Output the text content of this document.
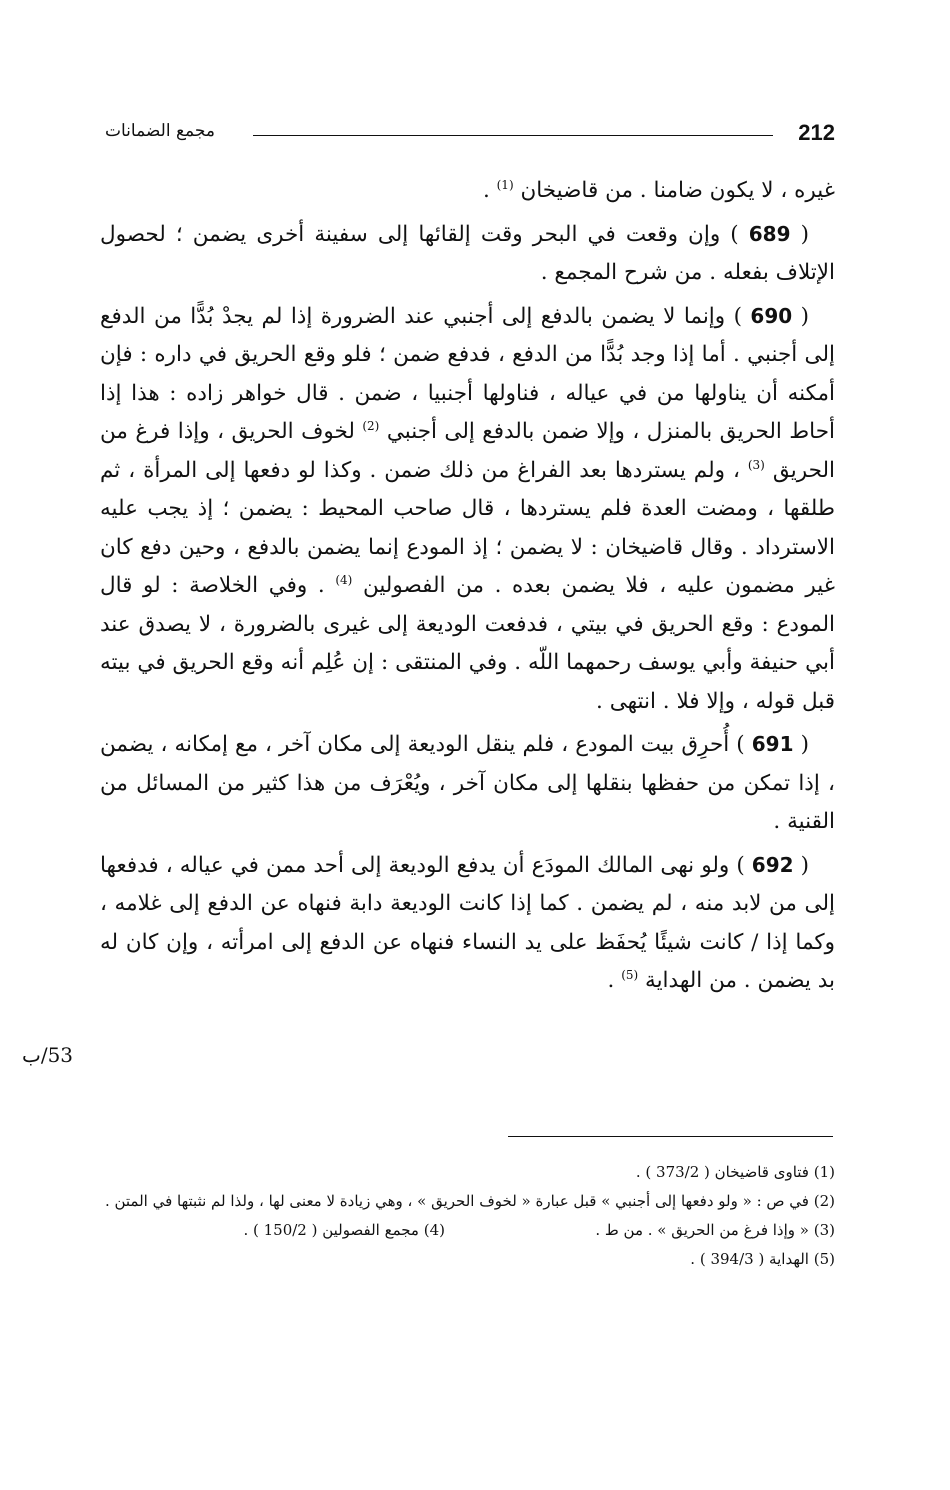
212
مجمع الضمانات

غيره ، لا يكون ضامنا . من قاضيخان $^{(1)}$ .

( 689 ) وإن وقعت في البحر وقت إلقائها إلى سفينة أخرى يضمن ؛ لحصول الإتلاف بفعله . من شرح المجمع .

( 690 ) وإنما لا يضمن بالدفع إلى أجنبي عند الضرورة إذا لم يجدْ بُدًّا من الدفع إلى أجنبي . أما إذا وجد بُدًّا من الدفع ، فدفع ضمن ؛ فلو وقع الحريق في داره : فإن أمكنه أن يناولها من في عياله ، فناولها أجنبيا ، ضمن . قال خواهر زاده : هذا إذا أحاط الحريق بالمنزل ، وإلا ضمن بالدفع إلى أجنبي $^{(2)}$ لخوف الحريق ، وإذا فرغ من الحريق $^{(3)}$ ، ولم يستردها بعد الفراغ من ذلك ضمن . وكذا لو دفعها إلى المرأة ، ثم طلقها ، ومضت العدة فلم يستردها ، قال صاحب المحيط : يضمن ؛ إذ يجب عليه الاسترداد . وقال قاضيخان : لا يضمن ؛ إذ المودع إنما يضمن بالدفع ، وحين دفع كان غير مضمون عليه ، فلا يضمن بعده . من الفصولين $^{(4)}$ . وفي الخلاصة : لو قال المودع : وقع الحريق في بيتي ، فدفعت الوديعة إلى غيرى بالضرورة ، لا يصدق عند أبي حنيفة وأبي يوسف رحمهما اللّه . وفي المنتقى : إن عُلِم أنه وقع الحريق في بيته قبل قوله ، وإلا فلا . انتهى .

( 691 ) أُحرِق بيت المودع ، فلم ينقل الوديعة إلى مكان آخر ، مع إمكانه ، يضمن ، إذا تمكن من حفظها بنقلها إلى مكان آخر ، ويُعْرَف من هذا كثير من المسائل من القنية .

( 692 ) ولو نهى المالك المودَع أن يدفع الوديعة إلى أحد ممن في عياله ، فدفعها إلى من لابد منه ، لم يضمن . كما إذا كانت الوديعة دابة فنهاه عن الدفع إلى غلامه ، وكما إذا / كانت شيئًا يُحفَظ على يد النساء فنهاه عن الدفع إلى امرأته ، وإن كان له بد يضمن . من الهداية $^{(5)}$ .

53/ب
(1) فتاوى قاضيخان ( 373/2 ) .
(2) في ص : « ولو دفعها إلى أجنبي » قبل عبارة « لخوف الحريق » ، وهي زيادة لا معنى لها ، ولذا لم نثبتها في المتن .
(3) « وإذا فرغ من الحريق » . من ط .
(4) مجمع الفصولين ( 150/2 ) .
(5) الهداية ( 394/3 ) .
